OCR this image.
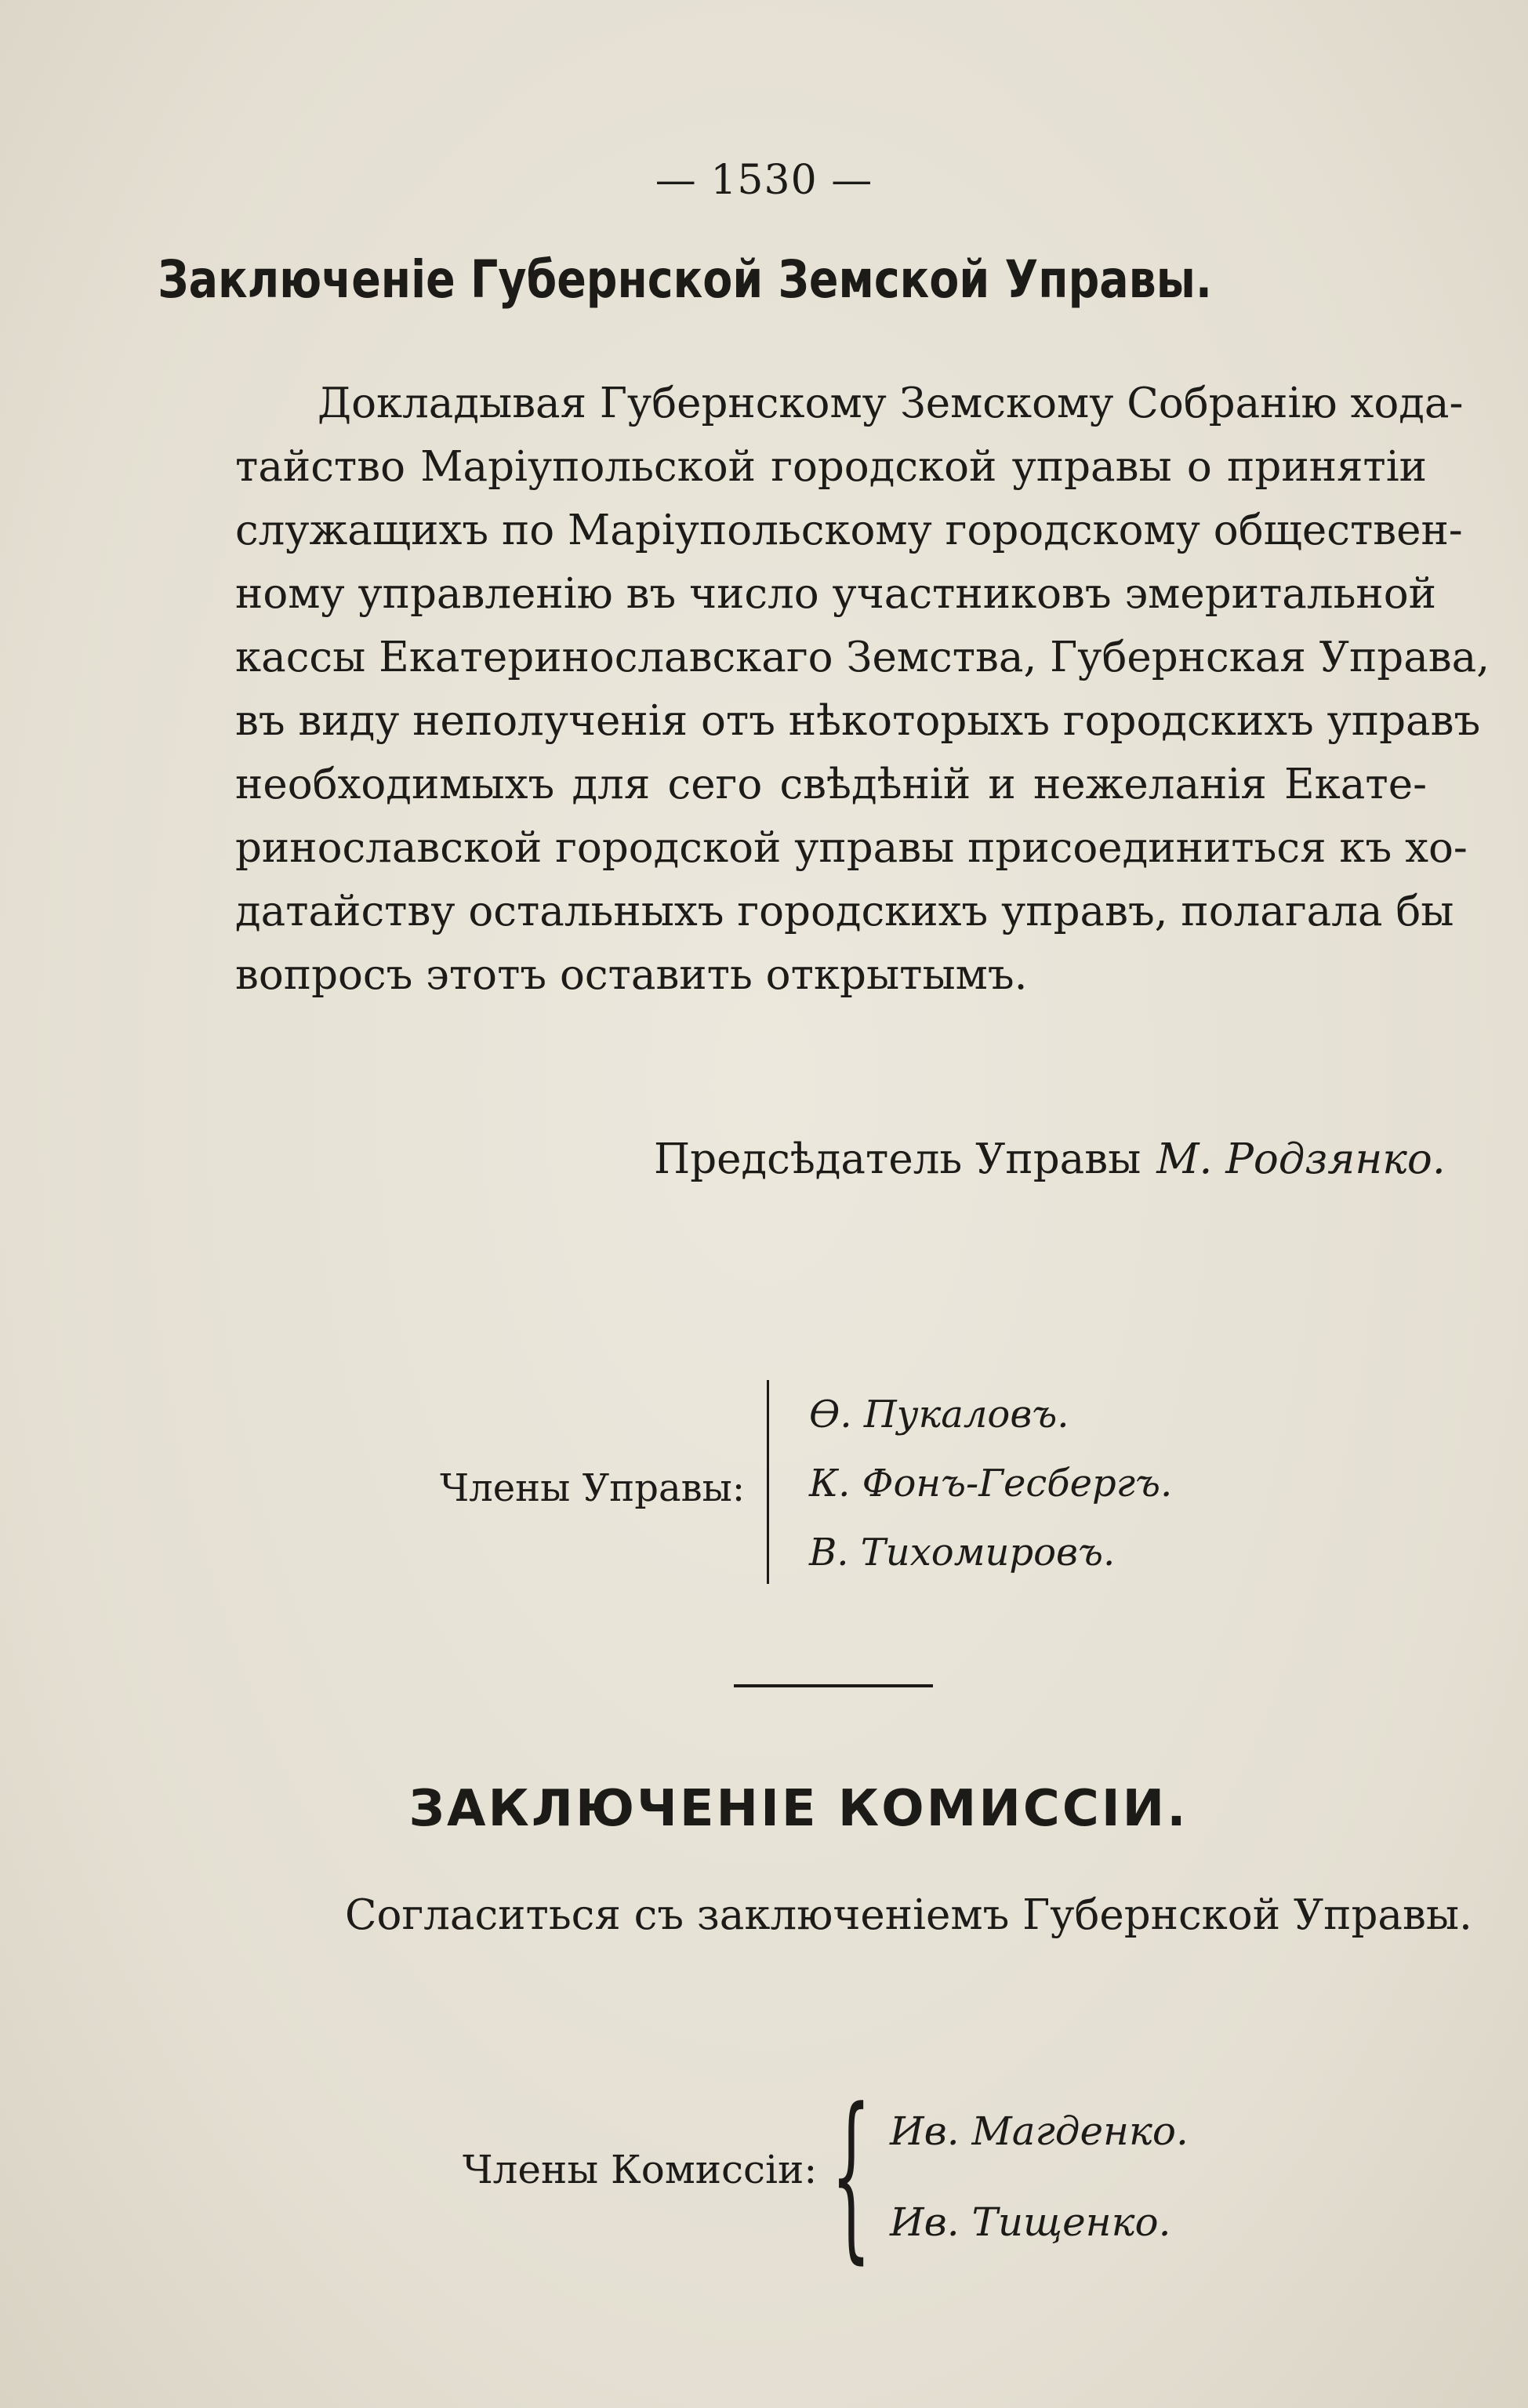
— 1530 —
Заключенiе Губернской Земской Управы.
Докладывая Губернскому Земскому Собранiю хода-
тайство Марiупольской городской управы о принятiи
служащихъ по Марiупольскому городскому обществен-
ному управленiю въ число участниковъ эмеритальной
кассы Екатеринославскаго Земства, Губернская Управа,
въ виду неполученiя отъ нѣкоторыхъ городскихъ управъ
необходимыхъ для сего свѣдѣнiй и нежеланiя Екате-
ринославской городской управы присоединиться къ хо-
датайству остальныхъ городскихъ управъ, полагала бы
вопросъ этотъ оставить открытымъ.
Предсѣдатель Управы М. Родзянко.
Члены Управы:
Ѳ. Пукаловъ.
К. Фонъ-Гесбергъ.
В. Тихомировъ.
ЗАКЛЮЧЕНIЕ КОМИССIИ.
Согласиться съ заключенiемъ Губернской Управы.
Члены Комиссiи: { Ив. Магденко.
Ив. Тищенко.
